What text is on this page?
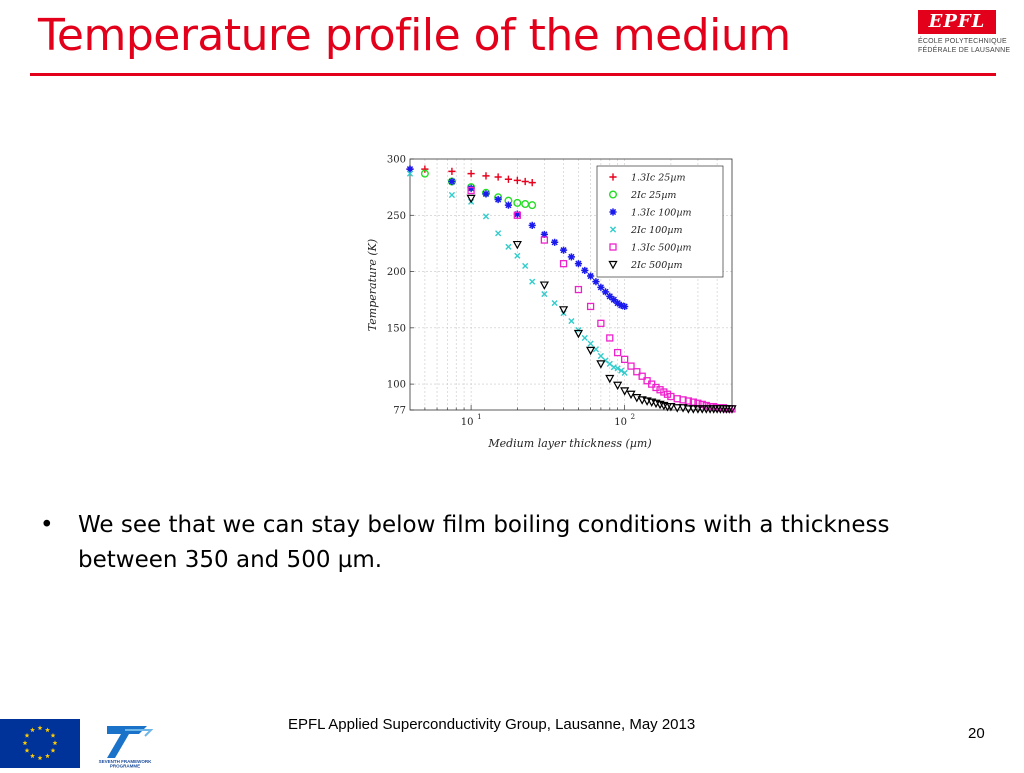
Temperature profile of the medium	EPFL
ÉCOLE POLYTECHNIQUE
FÉDÉRALE DE LAUSANNE
77
100
150
200
250
300
10 1	10 2
1.3Ic 25µm
2Ic 25µm
1.3Ic 100µm
2Ic 100µm
1.3Ic 500µm
2Ic 500µm
Temperature (K)
Medium layer thickness (µm)
• We see that we can stay below film boiling conditions with a thickness between 350 and 500 µm.
SEVENTH FRAMEWORK
PROGRAMME
EPFL Applied Superconductivity Group, Lausanne, May 2013
20
